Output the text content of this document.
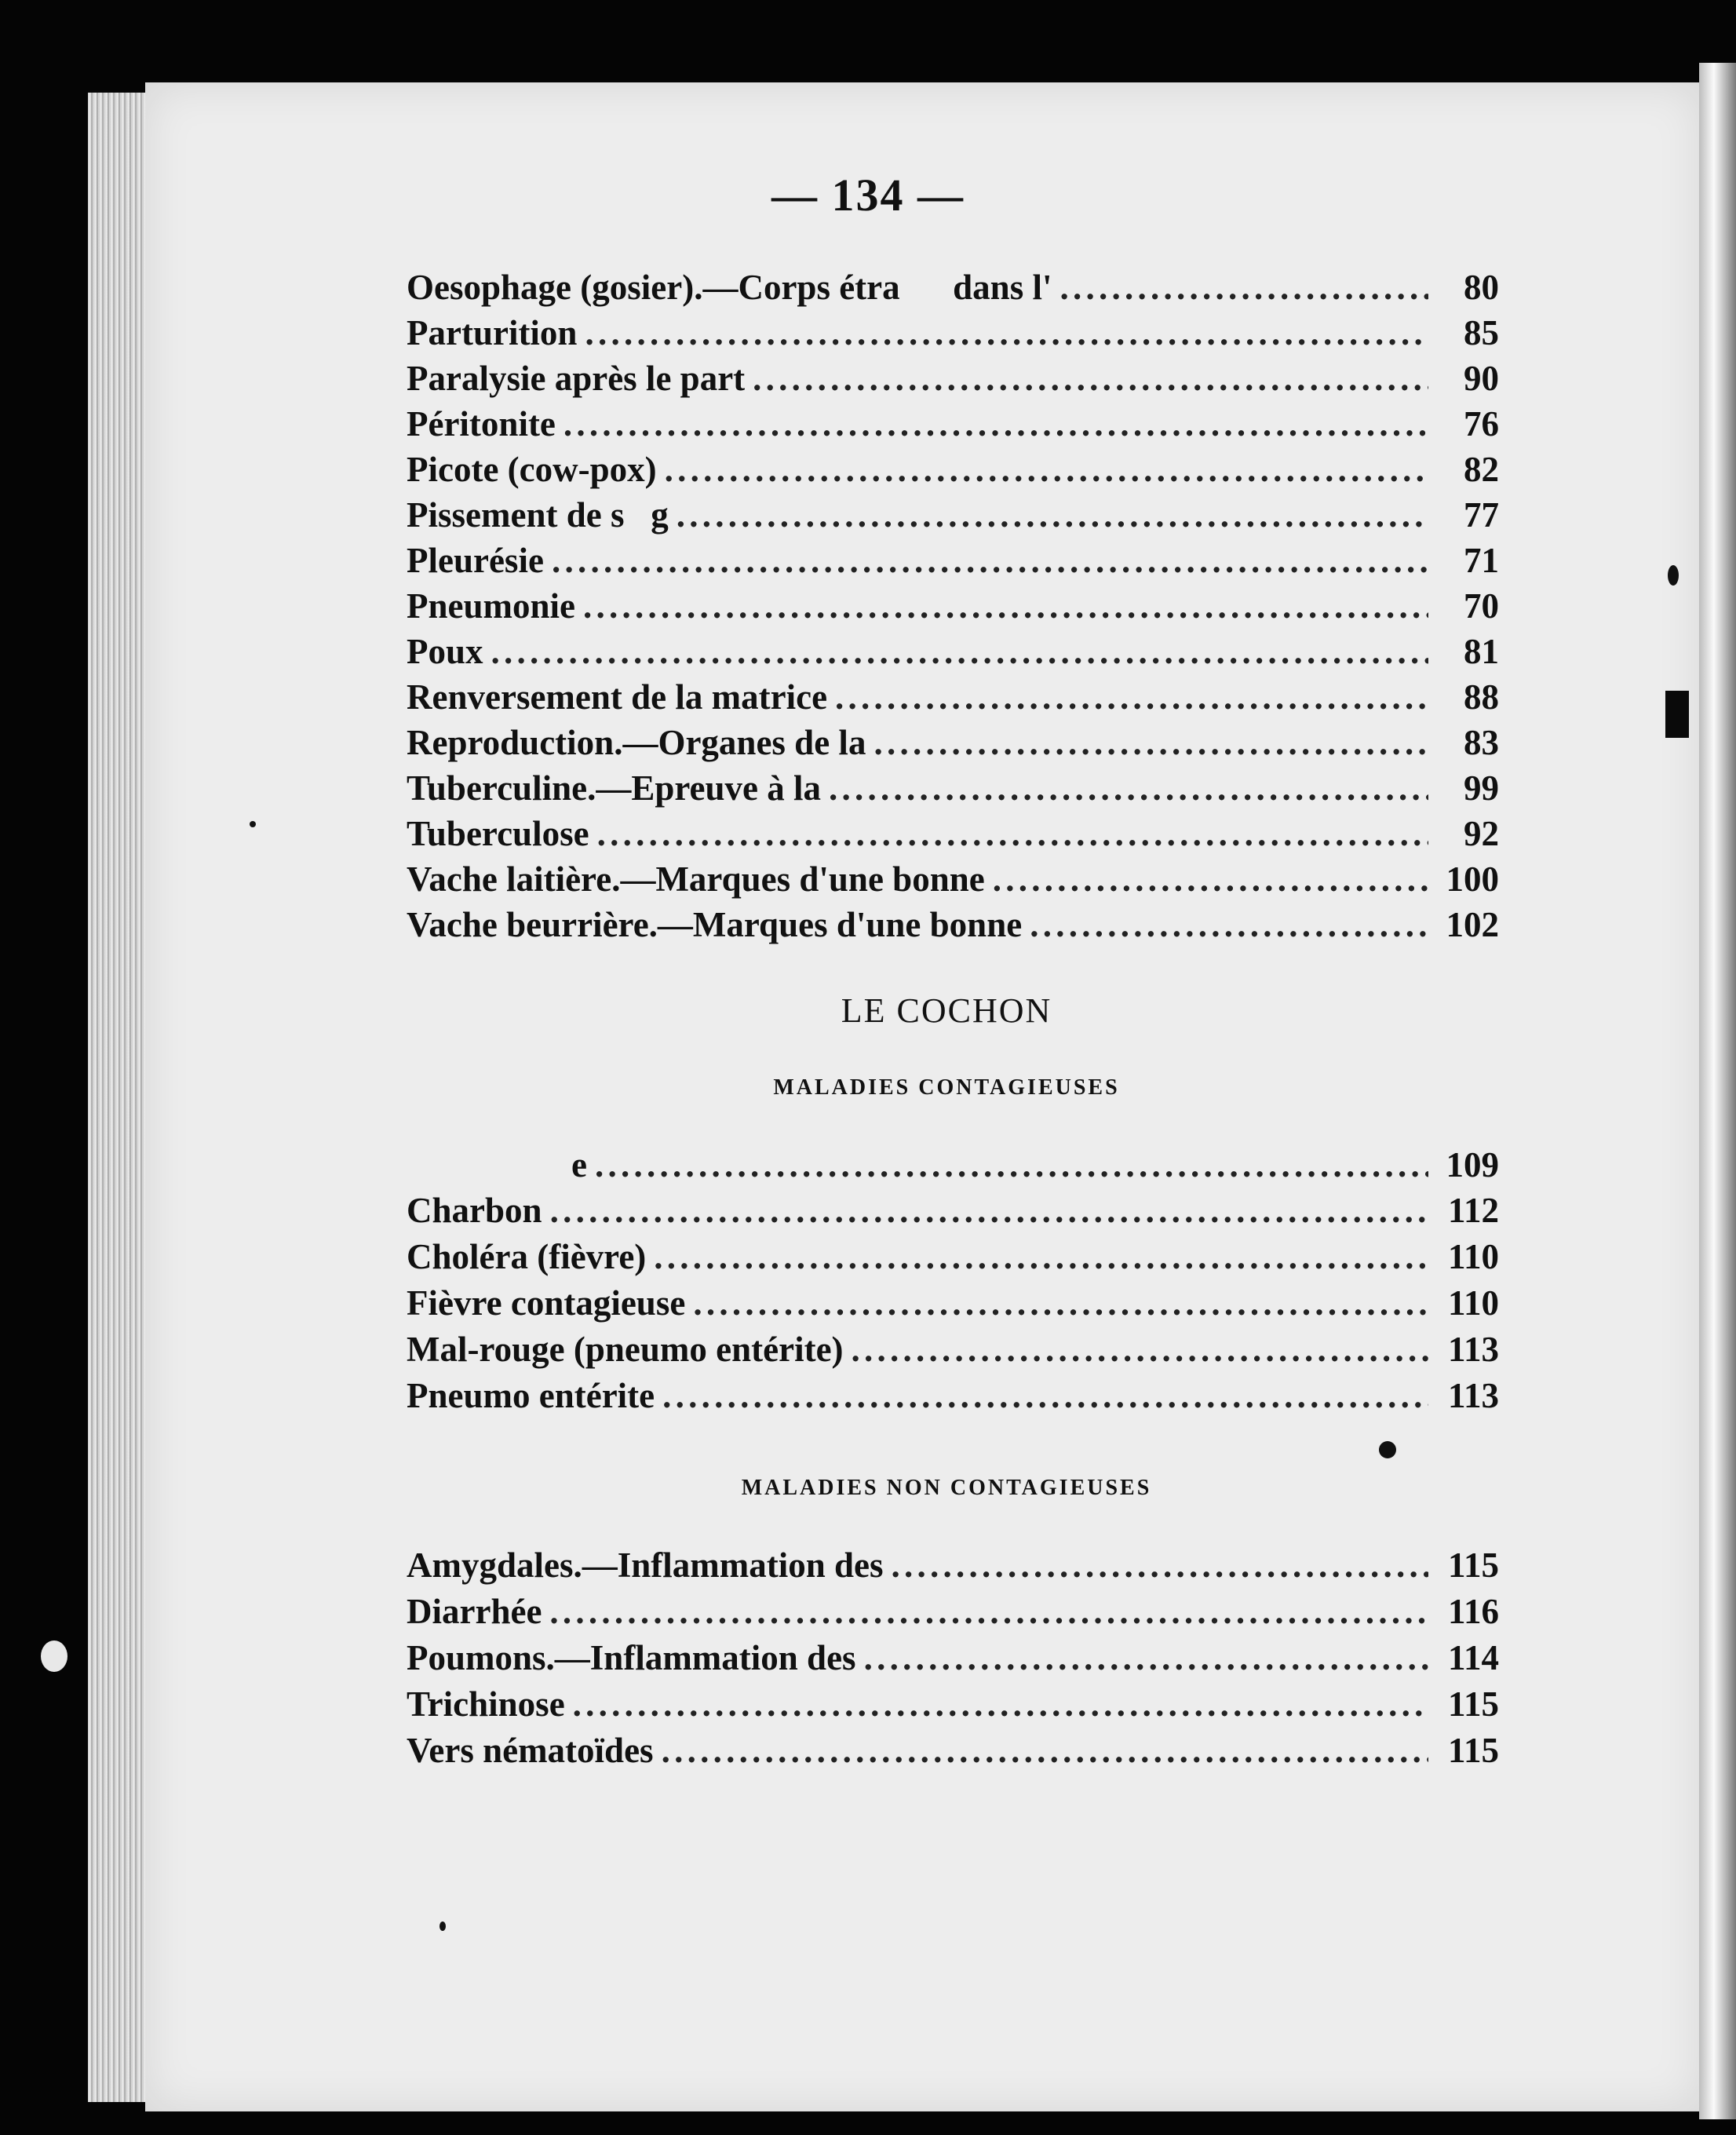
— 134 —
Oesophage (gosier).—Corps étra      dans l' . . .	80
Parturition . . .	85
Paralysie après le part . . .	90
Péritonite . . .	76
Picote (cow-pox) . . .	82
Pissement de s   g . . .	77
Pleurésie . . .	71
Pneumonie . . .	70
Poux . . .	81
Renversement de la matrice . . .	88
Reproduction.—Organes de la . . .	83
Tuberculine.—Epreuve à la . . .	99
Tuberculose . . .	92
Vache laitière.—Marques d'une bonne . . .	100
Vache beurrière.—Marques d'une bonne . . .	102
e . . .	109
Charbon . . .	112
Choléra (fièvre) . . .	110
Fièvre contagieuse . . .	110
Mal-rouge (pneumo entérite) . . .	113
Pneumo entérite . . .	113
Amygdales.—Inflammation des . . .	115
Diarrhée . . .	116
Poumons.—Inflammation des . . .	114
Trichinose . . .	115
Vers nématoïdes . . .	115
LE COCHON
MALADIES CONTAGIEUSES
MALADIES NON CONTAGIEUSES
